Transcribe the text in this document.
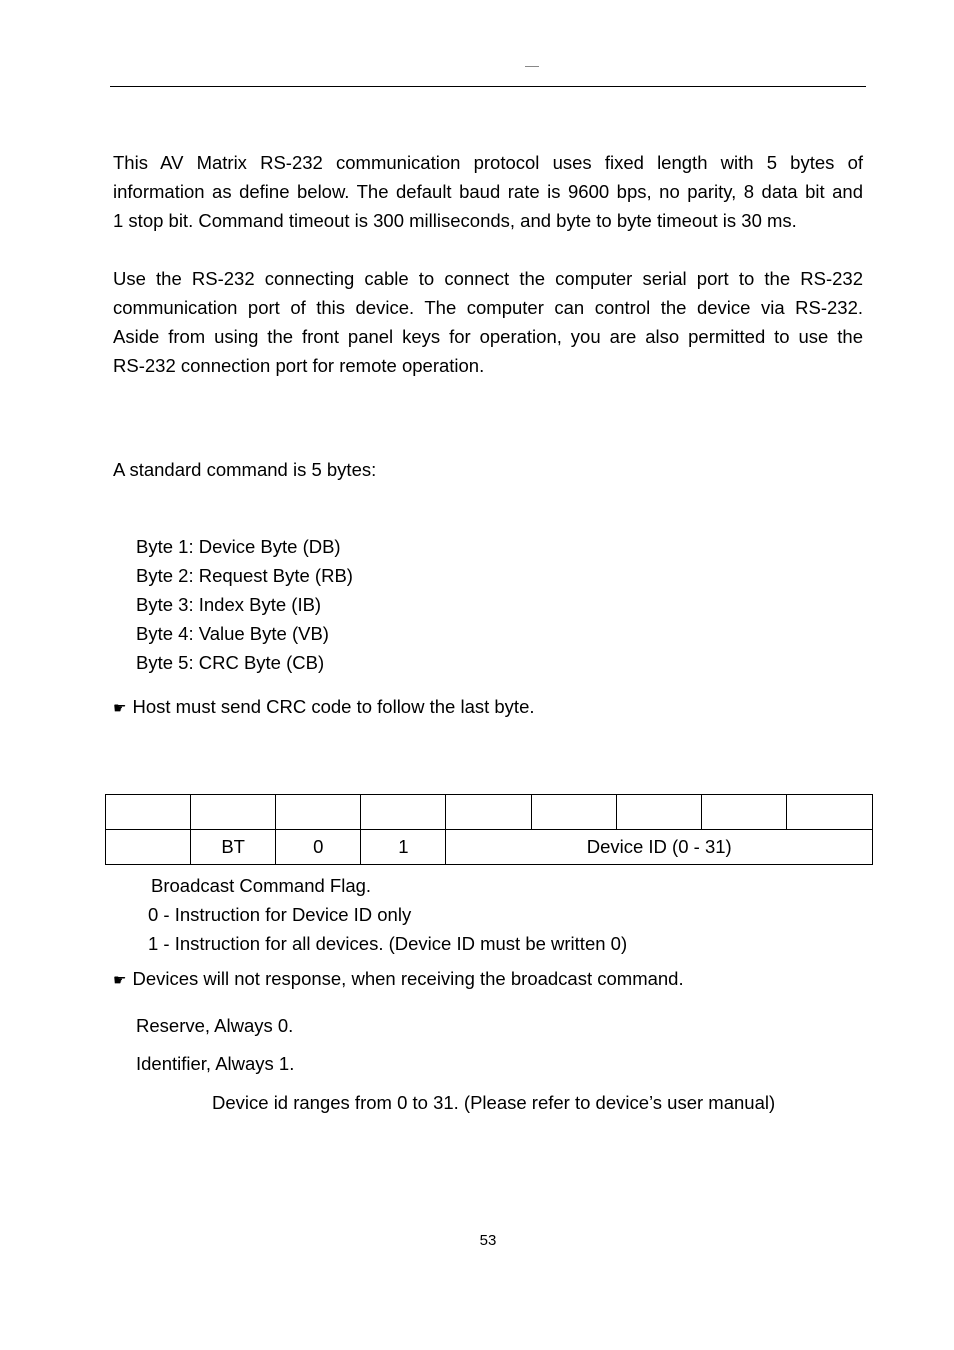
This AV Matrix RS-232 communication protocol uses fixed length with 5 bytes of
information as define below. The default baud rate is 9600 bps, no parity, 8 data bit and
1 stop bit. Command timeout is 300 milliseconds, and byte to byte timeout is 30 ms.
Use the RS-232 connecting cable to connect the computer serial port to the RS-232
communication port of this device. The computer can control the device via RS-232.
Aside from using the front panel keys for operation, you are also permitted to use the
RS-232 connection port for remote operation.
A standard command is 5 bytes:
Byte 1: Device Byte (DB)
Byte 2: Request Byte (RB)
Byte 3: Index Byte (IB)
Byte 4: Value Byte (VB)
Byte 5: CRC Byte (CB)
☛ Host must send CRC code to follow the last byte.

	BT	0	1	Device ID (0 - 31)				
Broadcast Command Flag.
0 - Instruction for Device ID only
1 - Instruction for all devices. (Device ID must be written 0)
☛ Devices will not response, when receiving the broadcast command.
Reserve, Always 0.
Identifier, Always 1.
Device id ranges from 0 to 31. (Please refer to device’s user manual)
53
